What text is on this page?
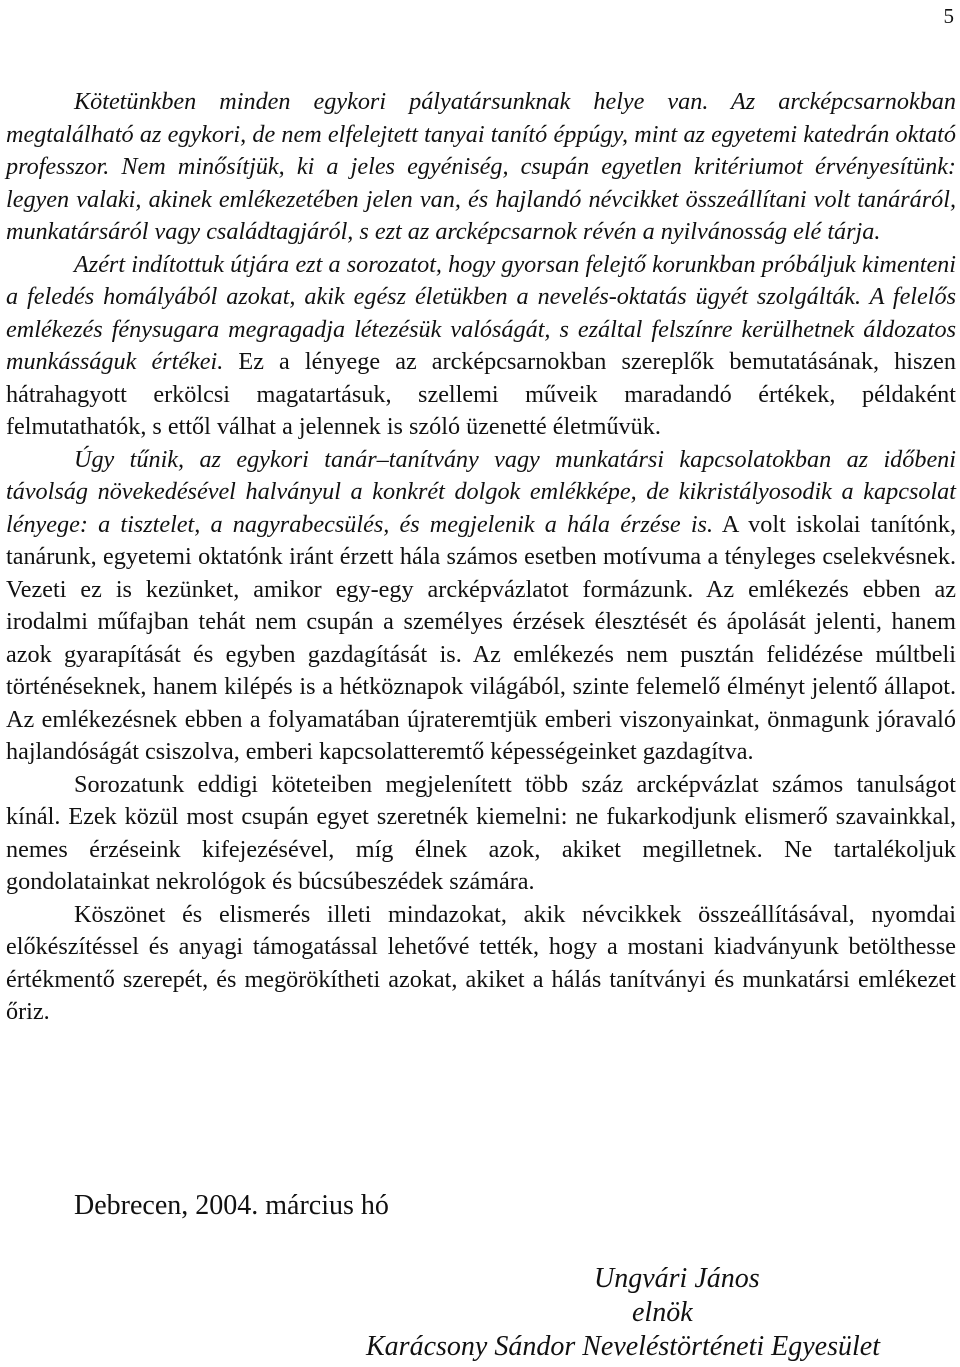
5

Kötetünkben minden egykori pályatársunknak helye van. Az arcképcsarnokban megtalálható az egykori, de nem elfelejtett tanyai tanító éppúgy, mint az egyetemi katedrán oktató professzor. Nem minősítjük, ki a jeles egyéniség, csupán egyetlen kritériumot érvényesítünk: legyen valaki, akinek emlékezetében jelen van, és hajlandó névcikket összeállítani volt tanáráról, munkatársáról vagy családtagjáról, s ezt az arcképcsarnok révén a nyilvánosság elé tárja.

Azért indítottuk útjára ezt a sorozatot, hogy gyorsan felejtő korunkban próbáljuk kimenteni a feledés homályából azokat, akik egész életükben a nevelés-oktatás ügyét szolgálták. A felelős emlékezés fénysugara megragadja létezésük valóságát, s ezáltal felszínre kerülhetnek áldozatos munkásságuk értékei. Ez a lényege az arcképcsarnokban szereplők bemutatásának, hiszen hátrahagyott erkölcsi magatartásuk, szellemi műveik maradandó értékek, példaként felmutathatók, s ettől válhat a jelennek is szóló üzenetté életművük.

Úgy tűnik, az egykori tanár–tanítvány vagy munkatársi kapcsolatokban az időbeni távolság növekedésével halványul a konkrét dolgok emlékképe, de kikristályosodik a kapcsolat lényege: a tisztelet, a nagyrabecsülés, és megjelenik a hála érzése is. A volt iskolai tanítónk, tanárunk, egyetemi oktatónk iránt érzett hála számos esetben motívuma a tényleges cselekvésnek. Vezeti ez is kezünket, amikor egy-egy arcképvázlatot formázunk. Az emlékezés ebben az irodalmi műfajban tehát nem csupán a személyes érzések élesztését és ápolását jelenti, hanem azok gyarapítását és egyben gazdagítását is. Az emlékezés nem pusztán felidézése múltbeli történéseknek, hanem kilépés is a hétköznapok világából, szinte felemelő élményt jelentő állapot. Az emlékezésnek ebben a folyamatában újrateremtjük emberi viszonyainkat, önmagunk jóravaló hajlandóságát csiszolva, emberi kapcsolatteremtő képességeinket gazdagítva.

Sorozatunk eddigi köteteiben megjelenített több száz arcképvázlat számos tanulságot kínál. Ezek közül most csupán egyet szeretnék kiemelni: ne fukarkodjunk elismerő szavainkkal, nemes érzéseink kifejezésével, míg élnek azok, akiket megilletnek. Ne tartalékoljuk gondolatainkat nekrológok és búcsúbeszédek számára.

Köszönet és elismerés illeti mindazokat, akik névcikkek összeállításával, nyomdai előkészítéssel és anyagi támogatással lehetővé tették, hogy a mostani kiadványunk betölthesse értékmentő szerepét, és megörökítheti azokat, akiket a hálás tanítványi és munkatársi emlékezet őriz.

Debrecen, 2004. március hó
Ungvári János
elnök
Karácsony Sándor Neveléstörténeti Egyesület
